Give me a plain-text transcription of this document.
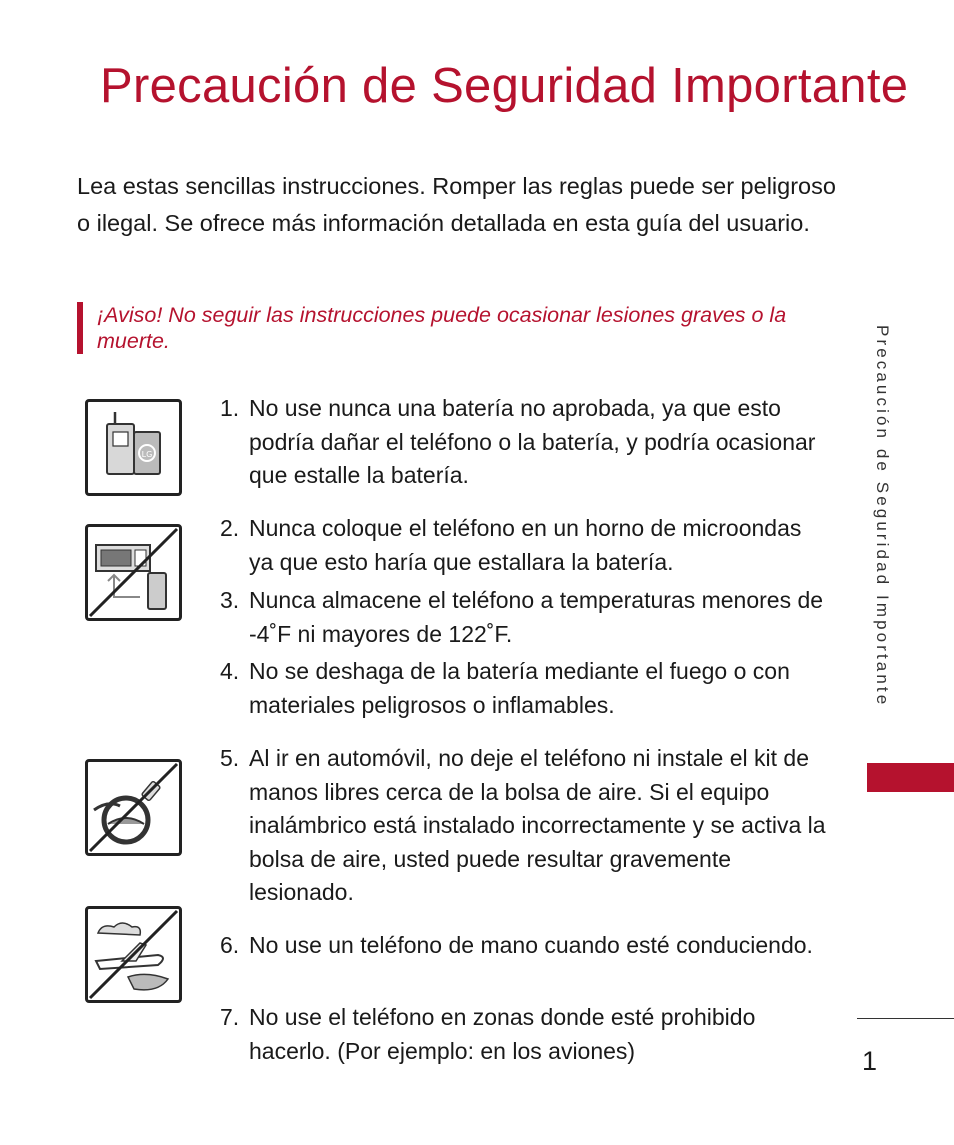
Precaución de Seguridad Importante

Lea estas sencillas instrucciones. Romper las reglas puede ser peligroso o ilegal. Se ofrece más información detallada en esta guía del usuario.

¡Aviso! No seguir las instrucciones puede ocasionar lesiones graves o la muerte.
LG
1. No use nunca una batería no aprobada, ya que esto podría dañar el teléfono o la batería, y podría ocasionar que estalle la batería.
2. Nunca coloque el teléfono en un horno de microondas ya que esto haría que estallara la batería.
3. Nunca almacene el teléfono a temperaturas menores de -4˚F ni mayores de 122˚F.
4. No se deshaga de la batería mediante el fuego o con materiales peligrosos o inflamables.
5. Al ir en automóvil, no deje el teléfono ni instale el kit de manos libres cerca de la bolsa de aire. Si el equipo inalámbrico está instalado incorrectamente y se activa la bolsa de aire, usted puede resultar gravemente lesionado.
6. No use un teléfono de mano cuando esté conduciendo.
7. No use el teléfono en zonas donde esté prohibido hacerlo. (Por ejemplo: en los aviones)
Precaución de Seguridad Importante
1
